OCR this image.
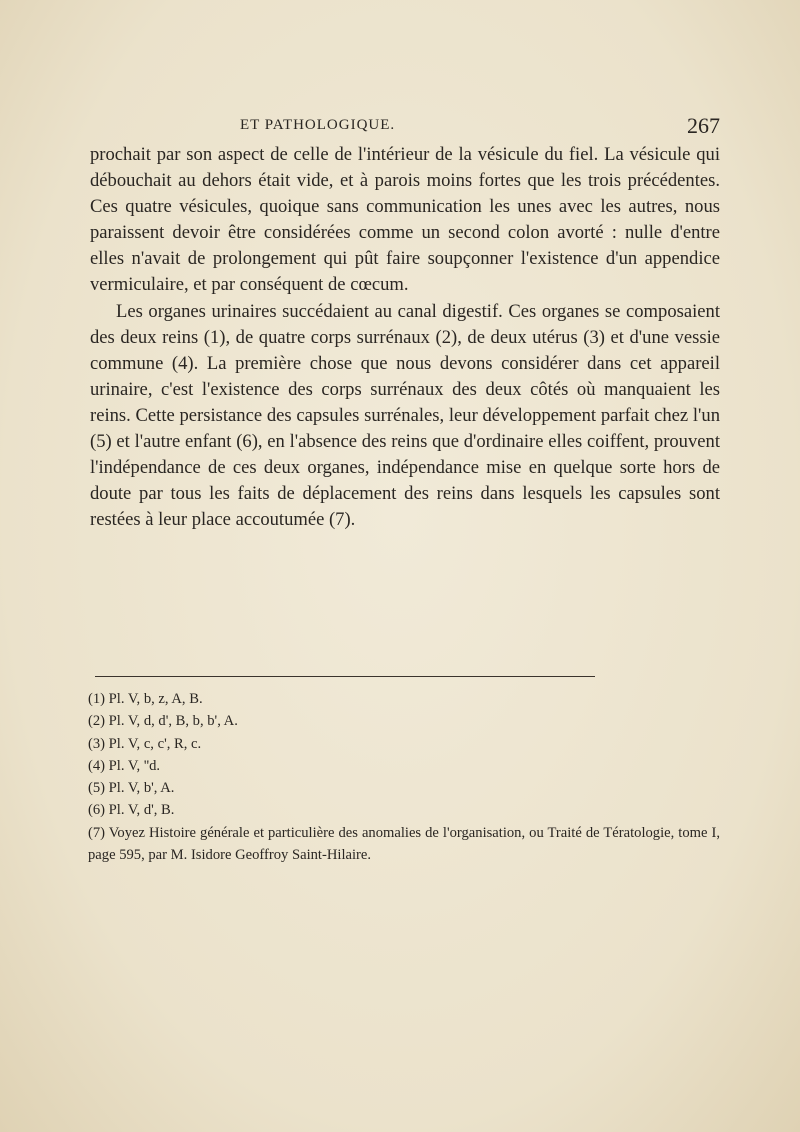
ET PATHOLOGIQUE.	267

prochait par son aspect de celle de l'intérieur de la vésicule du fiel. La vésicule qui débouchait au dehors était vide, et à parois moins fortes que les trois précédentes. Ces quatre vésicules, quoique sans communication les unes avec les autres, nous paraissent devoir être considérées comme un second colon avorté : nulle d'entre elles n'avait de prolongement qui pût faire soupçonner l'existence d'un appendice vermiculaire, et par conséquent de cœcum.

Les organes urinaires succédaient au canal digestif. Ces organes se composaient des deux reins (1), de quatre corps surrénaux (2), de deux utérus (3) et d'une vessie commune (4). La première chose que nous devons considérer dans cet appareil urinaire, c'est l'existence des corps surrénaux des deux côtés où manquaient les reins. Cette persistance des capsules surrénales, leur développement parfait chez l'un (5) et l'autre enfant (6), en l'absence des reins que d'ordinaire elles coiffent, prouvent l'indépendance de ces deux organes, indépendance mise en quelque sorte hors de doute par tous les faits de déplacement des reins dans lesquels les capsules sont restées à leur place accoutumée (7).

(1) Pl. V, b, z, A, B.

(2) Pl. V, d, d', B, b, b', A.

(3) Pl. V, c, c', R, c.

(4) Pl. V, ''d.

(5) Pl. V, b', A.

(6) Pl. V, d', B.

(7) Voyez Histoire générale et particulière des anomalies de l'organisation, ou Traité de Tératologie, tome I, page 595, par M. Isidore Geoffroy Saint-Hilaire.
